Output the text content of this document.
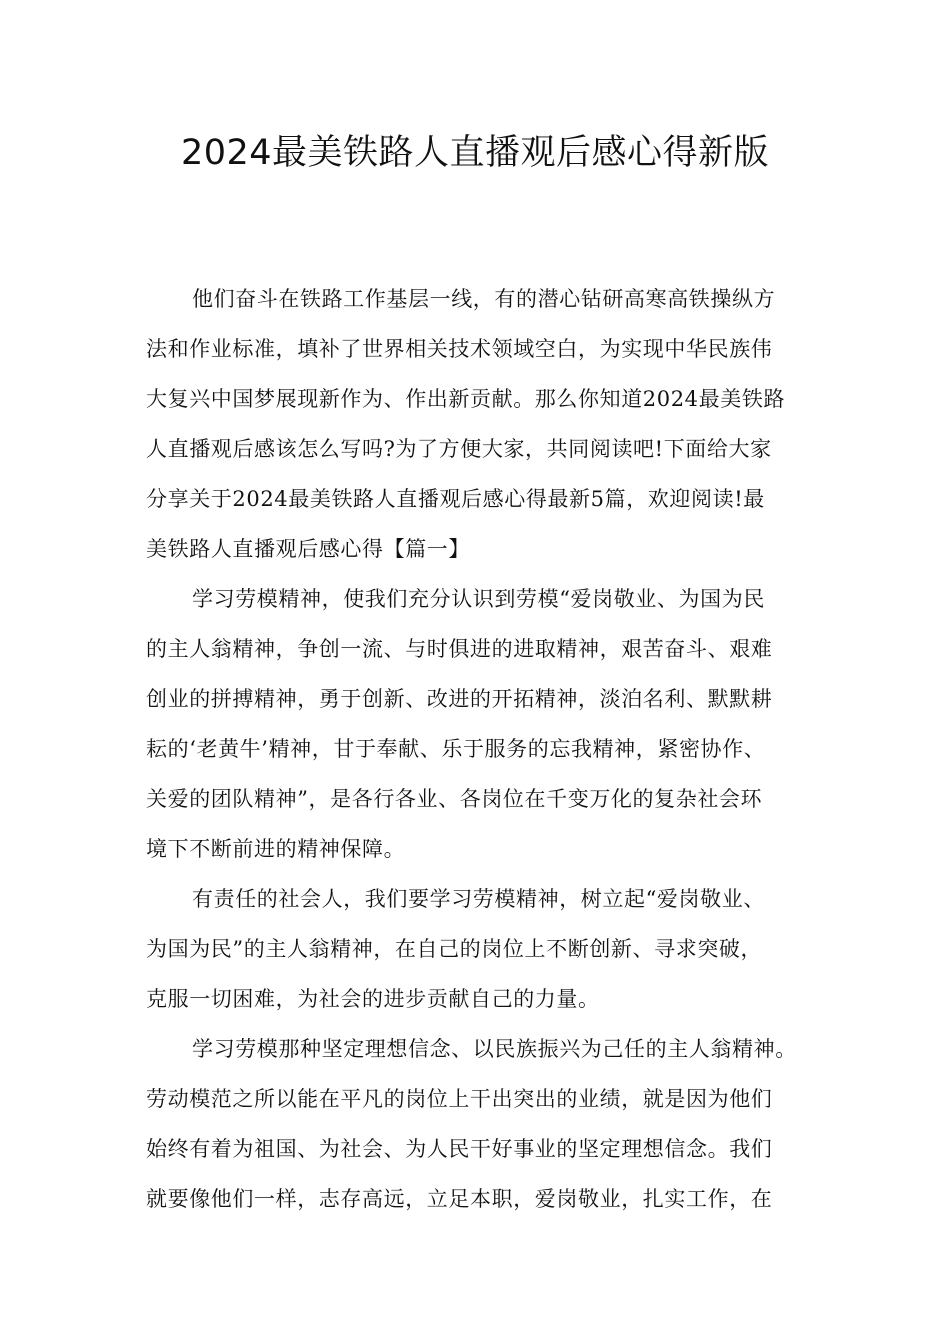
2024最美铁路人直播观后感心得新版
他们奋斗在铁路工作基层一线，有的潜心钻研高寒高铁操纵方
法和作业标准，填补了世界相关技术领域空白，为实现中华民族伟
大复兴中国梦展现新作为、作出新贡献。那么你知道2024最美铁路
人直播观后感该怎么写吗?为了方便大家，共同阅读吧!下面给大家
分享关于2024最美铁路人直播观后感心得最新5篇，欢迎阅读!最
美铁路人直播观后感心得【篇一】
学习劳模精神，使我们充分认识到劳模“爱岗敬业、为国为民
的主人翁精神，争创一流、与时俱进的进取精神，艰苦奋斗、艰难
创业的拼搏精神，勇于创新、改进的开拓精神，淡泊名利、默默耕
耘的‘老黄牛’精神，甘于奉献、乐于服务的忘我精神，紧密协作、
关爱的团队精神”，是各行各业、各岗位在千变万化的复杂社会环
境下不断前进的精神保障。
有责任的社会人，我们要学习劳模精神，树立起“爱岗敬业、
为国为民”的主人翁精神，在自己的岗位上不断创新、寻求突破，
克服一切困难，为社会的进步贡献自己的力量。
学习劳模那种坚定理想信念、以民族振兴为己任的主人翁精神。
劳动模范之所以能在平凡的岗位上干出突出的业绩，就是因为他们
始终有着为祖国、为社会、为人民干好事业的坚定理想信念。我们
就要像他们一样，志存高远，立足本职，爱岗敬业，扎实工作，在
